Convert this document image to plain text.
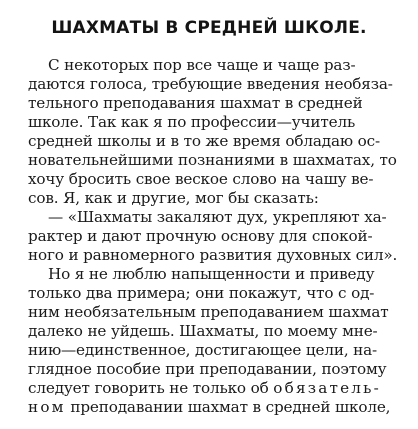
ШАХМАТЫ В СРЕДНЕЙ ШКОЛЕ.
С некоторых пор все чаще и чаще раз-
даются голоса, требующие введения необяза-
тельного преподавания шахмат в средней
школе. Так как я по профессии—учитель
средней школы и в то же время обладаю ос-
новательнейшими познаниями в шахматах, то
хочу бросить свое веское слово на чашу ве-
сов. Я, как и другие, мог бы сказать:
— «Шахматы закаляют дух, укрепляют ха-
рактер и дают прочную основу для спокой-
ного и равномерного развития духовных сил».
Но я не люблю напыщенности и приведу
только два примера; они покажут, что с од-
ним необязательным преподаванием шахмат
далеко не уйдешь. Шахматы, по моему мне-
нию—единственное, достигающее цели, на-
глядное пособие при преподавании, поэтому
следует говорить не только об обязатель-
ном преподавании шахмат в средней школе,
